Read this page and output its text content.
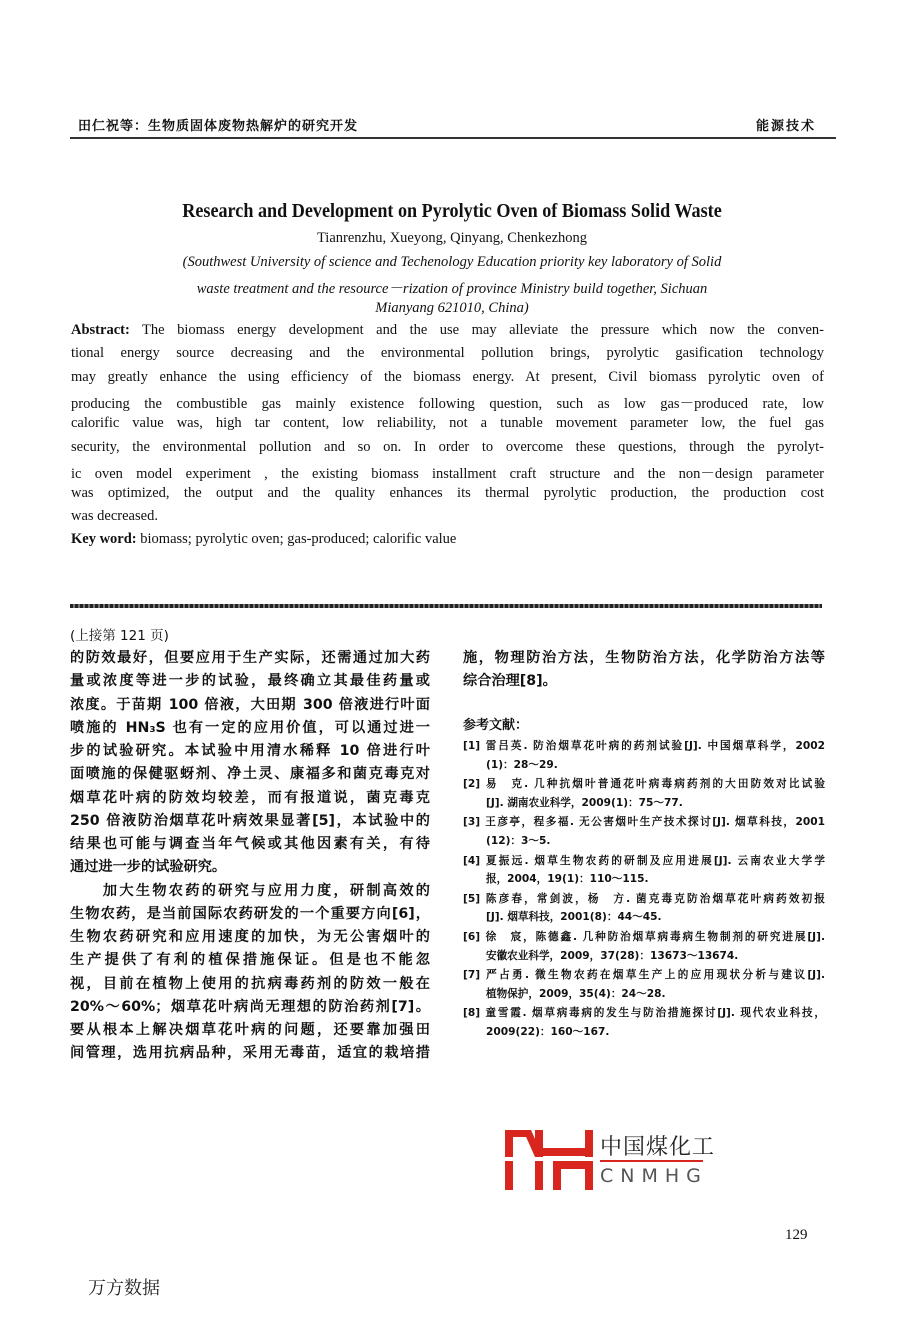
田仁祝等：生物质固体废物热解炉的研究开发	能源技术
Research and Development on Pyrolytic Oven of Biomass Solid Waste
Tianrenzhu, Xueyong, Qinyang, Chenkezhong
(Southwest University of science and Techenology Education priority key laboratory of Solid
waste treatment and the resource－rization of province Ministry build together, Sichuan
Mianyang 621010, China)
Abstract: The biomass energy development and the use may alleviate the pressure which now the conven-
tional energy source decreasing and the environmental pollution brings, pyrolytic gasification technology
may greatly enhance the using efficiency of the biomass energy. At present, Civil biomass pyrolytic oven of
producing the combustible gas mainly existence following question, such as low gas－produced rate, low
calorific value was, high tar content, low reliability, not a tunable movement parameter low, the fuel gas
security, the environmental pollution and so on. In order to overcome these questions, through the pyrolyt-
ic oven model experiment , the existing biomass installment craft structure and the non－design parameter
was optimized, the output and the quality enhances its thermal pyrolytic production, the production cost
was decreased.
Key word: biomass; pyrolytic oven; gas-produced; calorific value
(上接第 121 页)
的防效最好，但要应用于生产实际，还需通过加大药
量或浓度等进一步的试验，最终确立其最佳药量或
浓度。于苗期 100 倍液，大田期 300 倍液进行叶面
喷施的 HN₃S 也有一定的应用价值，可以通过进一
步的试验研究。本试验中用清水稀释 10 倍进行叶
面喷施的保健驱蚜剂、净土灵、康福多和菌克毒克对
烟草花叶病的防效均较差，而有报道说，菌克毒克
250 倍液防治烟草花叶病效果显著[5]，本试验中的
结果也可能与调查当年气候或其他因素有关，有待
通过进一步的试验研究。
　　加大生物农药的研究与应用力度，研制高效的
生物农药，是当前国际农药研发的一个重要方向[6]，
生物农药研究和应用速度的加快，为无公害烟叶的
生产提供了有利的植保措施保证。但是也不能忽
视，目前在植物上使用的抗病毒药剂的防效一般在
20%～60%；烟草花叶病尚无理想的防治药剂[7]。
要从根本上解决烟草花叶病的问题，还要靠加强田
间管理，选用抗病品种，采用无毒苗，适宜的栽培措
施，物理防治方法，生物防治方法，化学防治方法等
综合治理[8]。
参考文献：
[1] 雷吕英. 防治烟草花叶病的药剂试验[J]. 中国烟草科学，2002
(1)：28～29.
[2] 易　克. 几种抗烟叶普通花叶病毒病药剂的大田防效对比试验
[J]. 湖南农业科学，2009(1)：75～77.
[3] 王彦亭，程多福. 无公害烟叶生产技术探讨[J]. 烟草科技，2001
(12)：3～5.
[4] 夏振远. 烟草生物农药的研制及应用进展[J]. 云南农业大学学
报，2004，19(1)：110～115.
[5] 陈彦春，常剑波，杨　方. 菌克毒克防治烟草花叶病药效初报
[J]. 烟草科技，2001(8)：44～45.
[6] 徐　宸，陈德鑫. 几种防治烟草病毒病生物制剂的研究进展[J].
安徽农业科学，2009，37(28)：13673～13674.
[7] 严占勇. 微生物农药在烟草生产上的应用现状分析与建议[J].
植物保护，2009，35(4)：24～28.
[8] 童雪霞. 烟草病毒病的发生与防治措施探讨[J]. 现代农业科技，
2009(22)：160～167.
中国煤化工
CNMHG
129
万方数据
